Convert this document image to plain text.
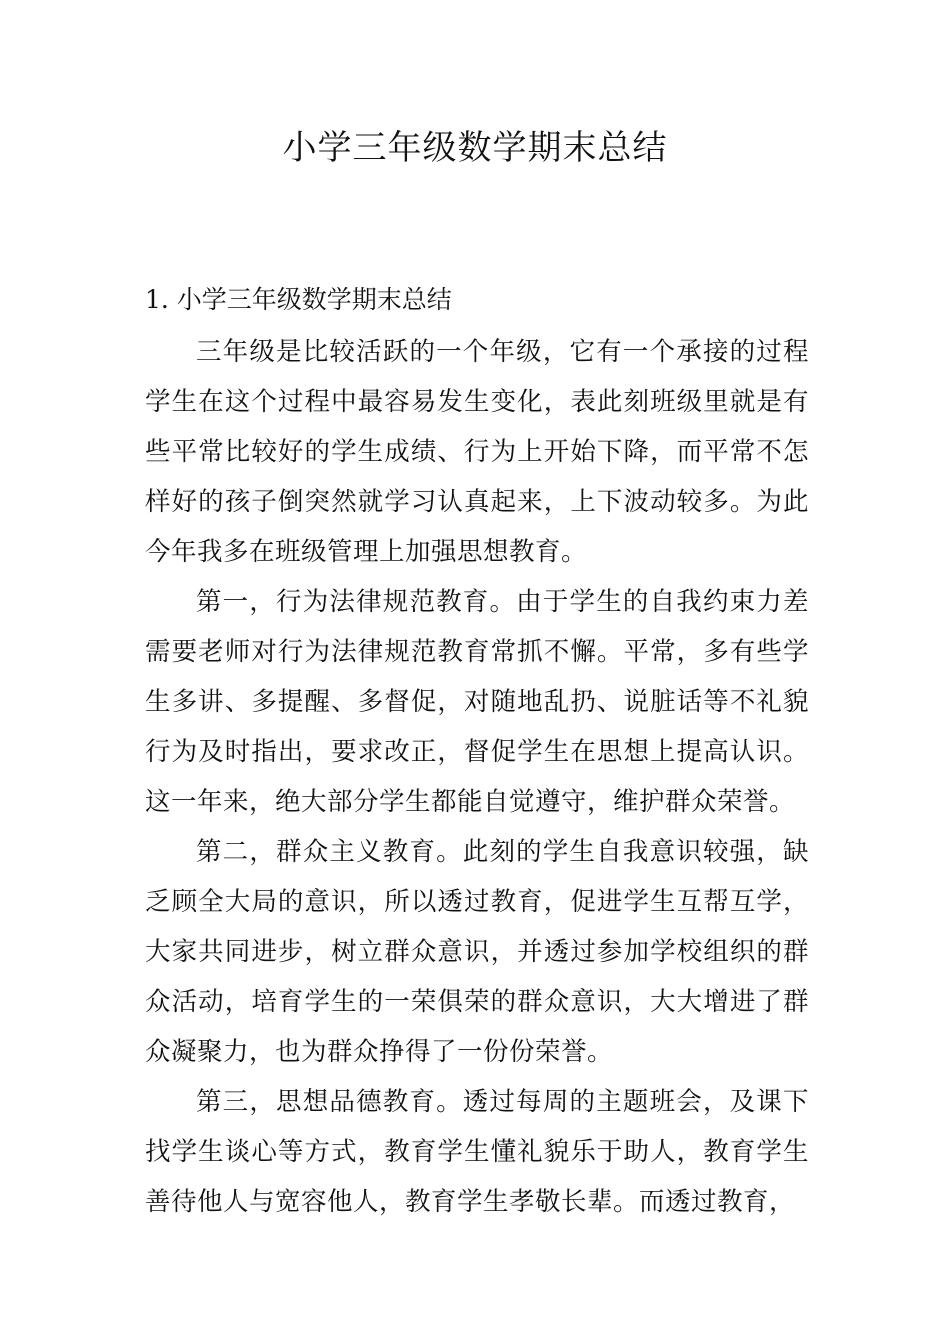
小学三年级数学期末总结
1. 小学三年级数学期末总结

三年级是比较活跃的一个年级，它有一个承接的过程学生在这个过程中最容易发生变化，表此刻班级里就是有些平常比较好的学生成绩、行为上开始下降，而平常不怎样好的孩子倒突然就学习认真起来，上下波动较多。为此今年我多在班级管理上加强思想教育。

第一，行为法律规范教育。由于学生的自我约束力差需要老师对行为法律规范教育常抓不懈。平常，多有些学生多讲、多提醒、多督促，对随地乱扔、说脏话等不礼貌行为及时指出，要求改正，督促学生在思想上提高认识。这一年来，绝大部分学生都能自觉遵守，维护群众荣誉。

第二，群众主义教育。此刻的学生自我意识较强，缺乏顾全大局的意识，所以透过教育，促进学生互帮互学，大家共同进步，树立群众意识，并透过参加学校组织的群众活动，培育学生的一荣俱荣的群众意识，大大增进了群众凝聚力，也为群众挣得了一份份荣誉。

第三，思想品德教育。透过每周的主题班会，及课下找学生谈心等方式，教育学生懂礼貌乐于助人，教育学生善待他人与宽容他人，教育学生孝敬长辈。而透过教育，
